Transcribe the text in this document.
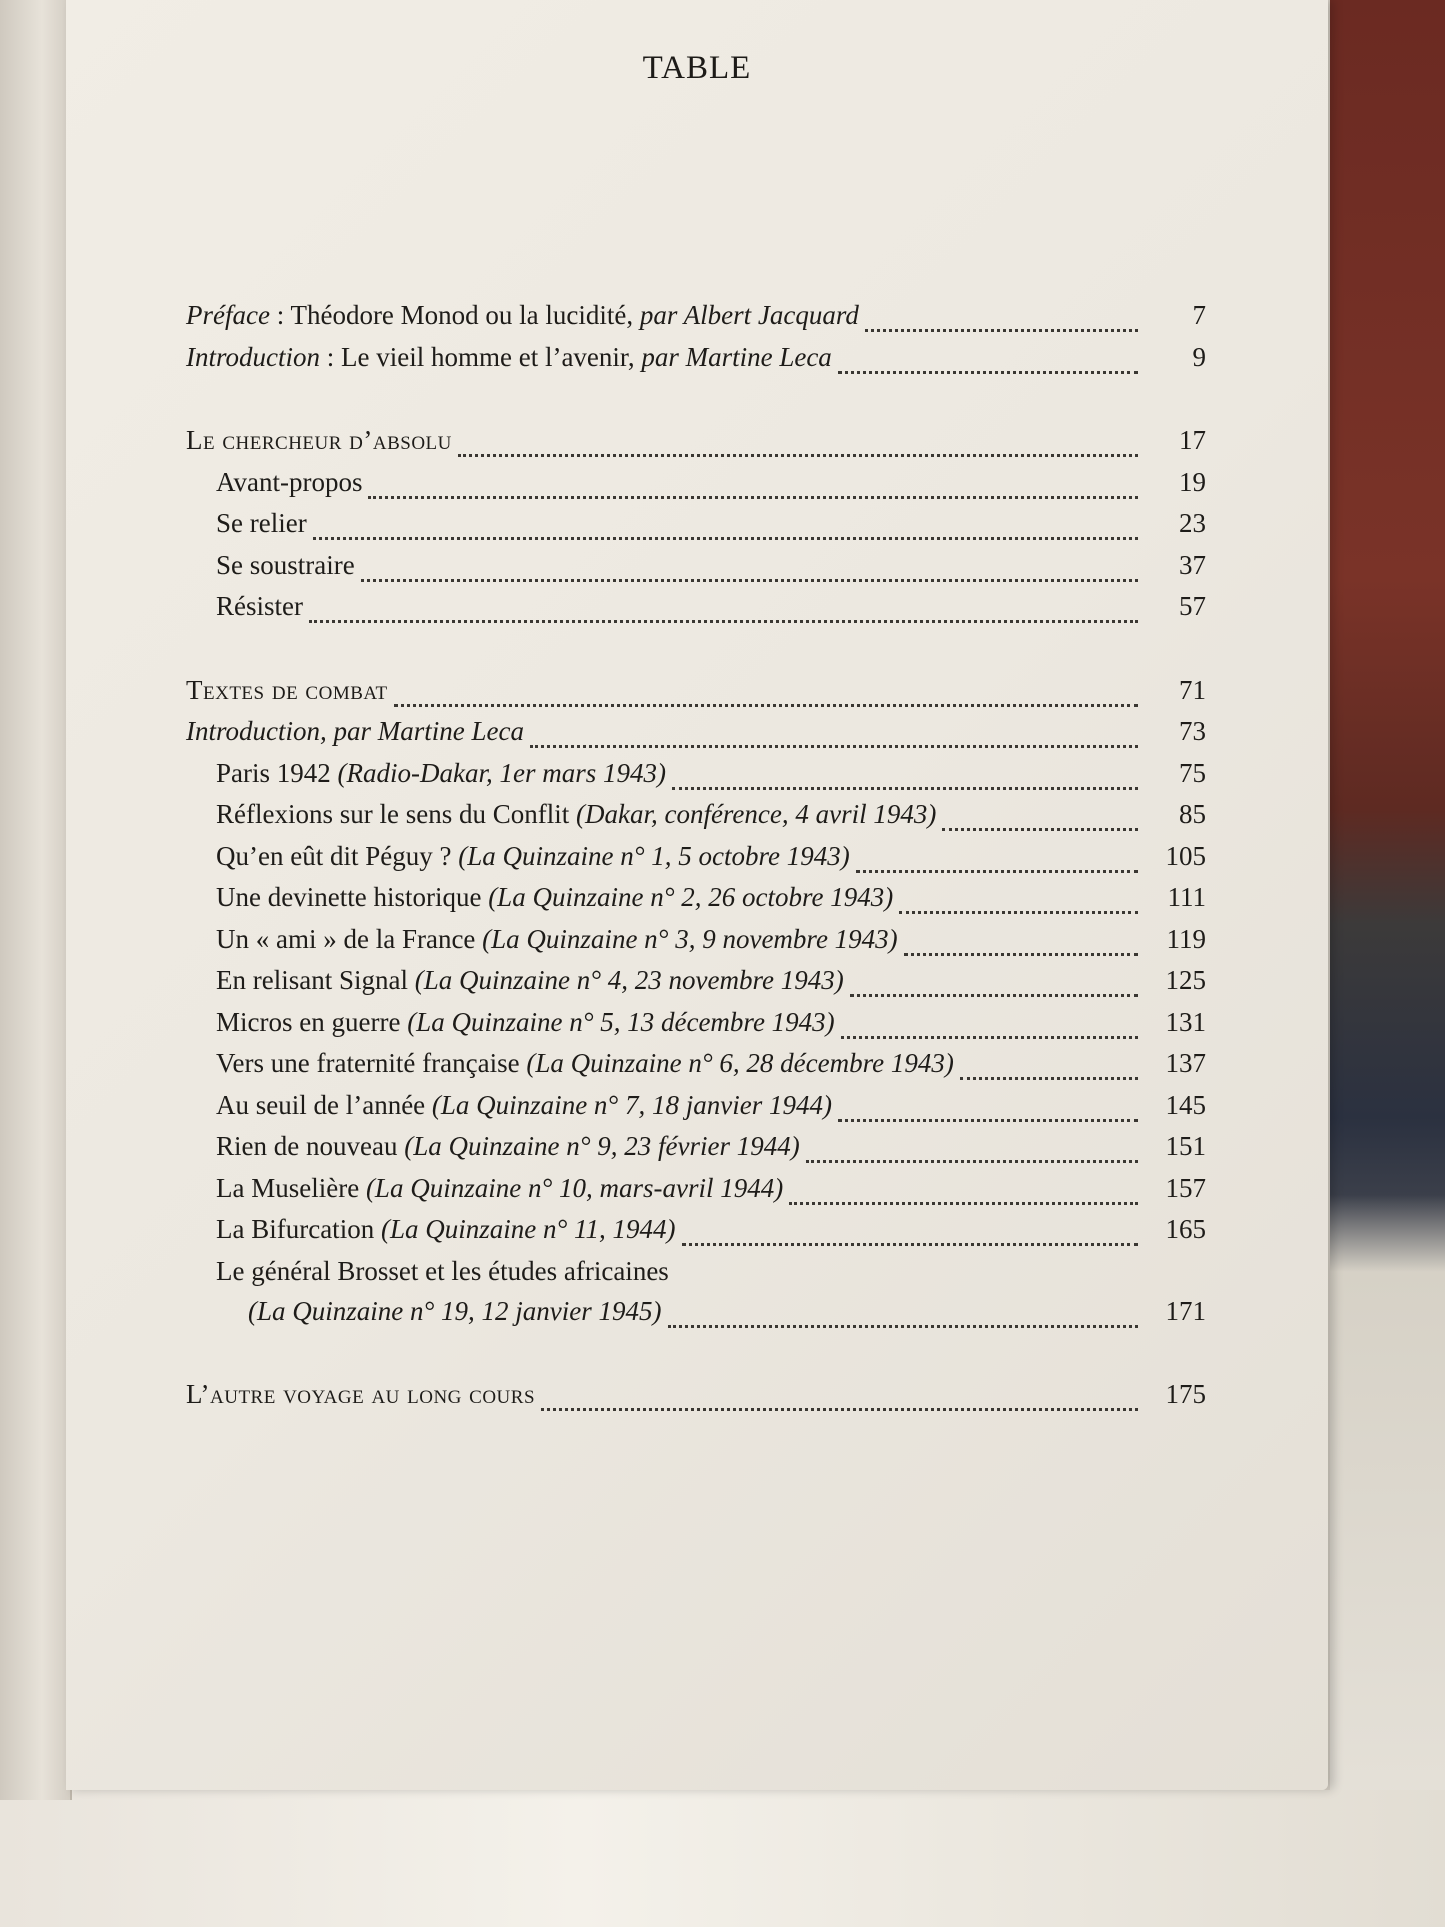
TABLE
Préface : Théodore Monod ou la lucidité, par Albert Jacquard	7
Introduction : Le vieil homme et l’avenir, par Martine Leca	9
Le chercheur d’absolu	17
Avant-propos	19
Se relier	23
Se soustraire	37
Résister	57
Textes de combat	71
Introduction, par Martine Leca	73
Paris 1942 (Radio-Dakar, 1er mars 1943)	75
Réflexions sur le sens du Conflit (Dakar, conférence, 4 avril 1943)	85
Qu’en eût dit Péguy ? (La Quinzaine n° 1, 5 octobre 1943)	105
Une devinette historique (La Quinzaine n° 2, 26 octobre 1943)	111
Un « ami » de la France (La Quinzaine n° 3, 9 novembre 1943)	119
En relisant Signal (La Quinzaine n° 4, 23 novembre 1943)	125
Micros en guerre (La Quinzaine n° 5, 13 décembre 1943)	131
Vers une fraternité française (La Quinzaine n° 6, 28 décembre 1943)	137
Au seuil de l’année (La Quinzaine n° 7, 18 janvier 1944)	145
Rien de nouveau (La Quinzaine n° 9, 23 février 1944)	151
La Muselière (La Quinzaine n° 10, mars-avril 1944)	157
La Bifurcation (La Quinzaine n° 11, 1944)	165
Le général Brosset et les études africaines
(La Quinzaine n° 19, 12 janvier 1945)	171
L’autre voyage au long cours	175
